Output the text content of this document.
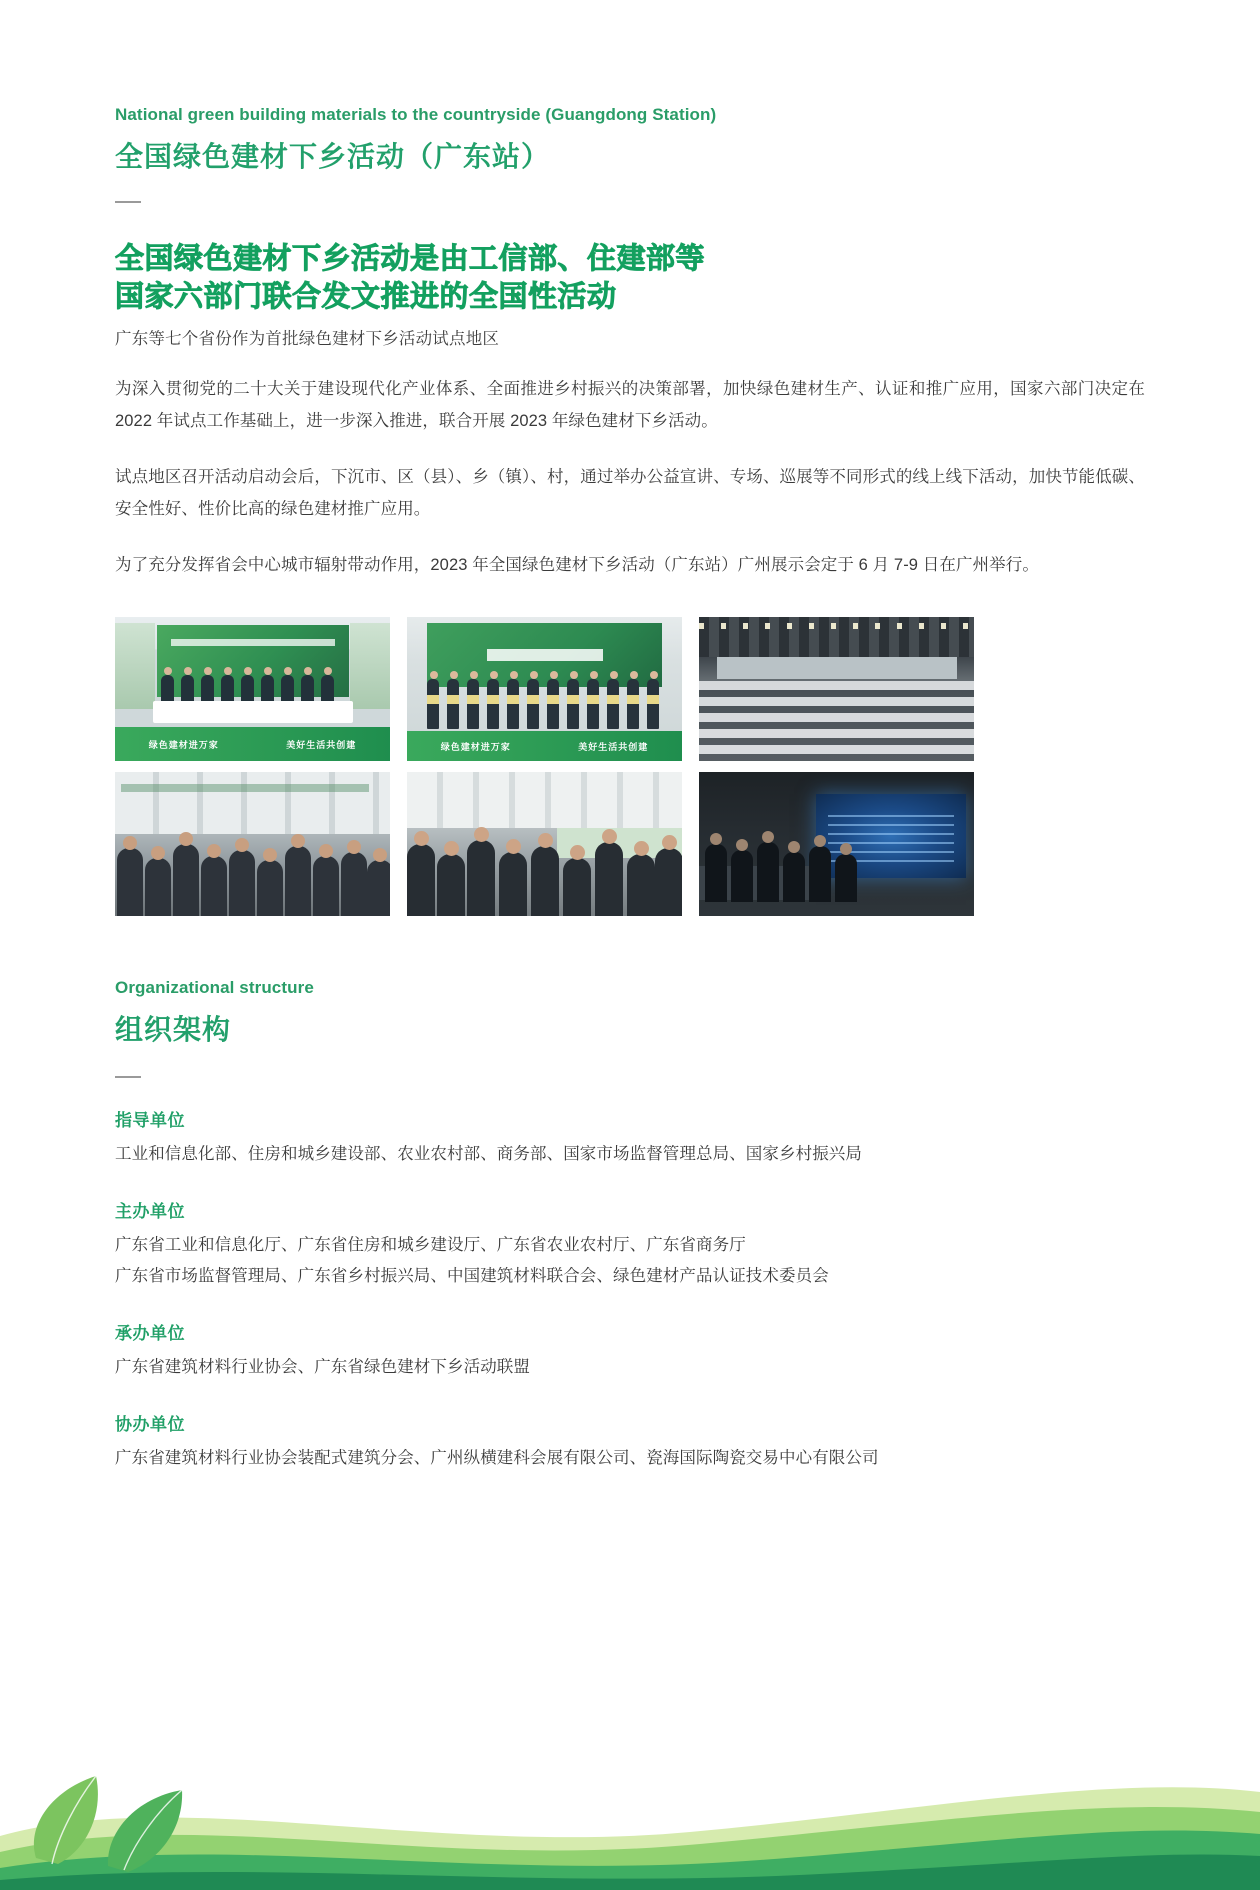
National green building materials to the countryside (Guangdong Station)
全国绿色建材下乡活动（广东站）
全国绿色建材下乡活动是由工信部、住建部等
国家六部门联合发文推进的全国性活动
广东等七个省份作为首批绿色建材下乡活动试点地区

为深入贯彻党的二十大关于建设现代化产业体系、全面推进乡村振兴的决策部署，加快绿色建材生产、认证和推广应用，国家六部门决定在 2022 年试点工作基础上，进一步深入推进，联合开展 2023 年绿色建材下乡活动。

试点地区召开活动启动会后，下沉市、区（县）、乡（镇）、村，通过举办公益宣讲、专场、巡展等不同形式的线上线下活动，加快节能低碳、安全性好、性价比高的绿色建材推广应用。

为了充分发挥省会中心城市辐射带动作用，2023 年全国绿色建材下乡活动（广东站）广州展示会定于 6 月 7-9 日在广州举行。

绿色建材进万家	美好生活共创建	绿色建材进万家	美好生活共创建
Organizational structure
组织架构
指导单位
工业和信息化部、住房和城乡建设部、农业农村部、商务部、国家市场监督管理总局、国家乡村振兴局
主办单位
广东省工业和信息化厅、广东省住房和城乡建设厅、广东省农业农村厅、广东省商务厅
广东省市场监督管理局、广东省乡村振兴局、中国建筑材料联合会、绿色建材产品认证技术委员会
承办单位
广东省建筑材料行业协会、广东省绿色建材下乡活动联盟
协办单位
广东省建筑材料行业协会装配式建筑分会、广州纵横建科会展有限公司、瓷海国际陶瓷交易中心有限公司
